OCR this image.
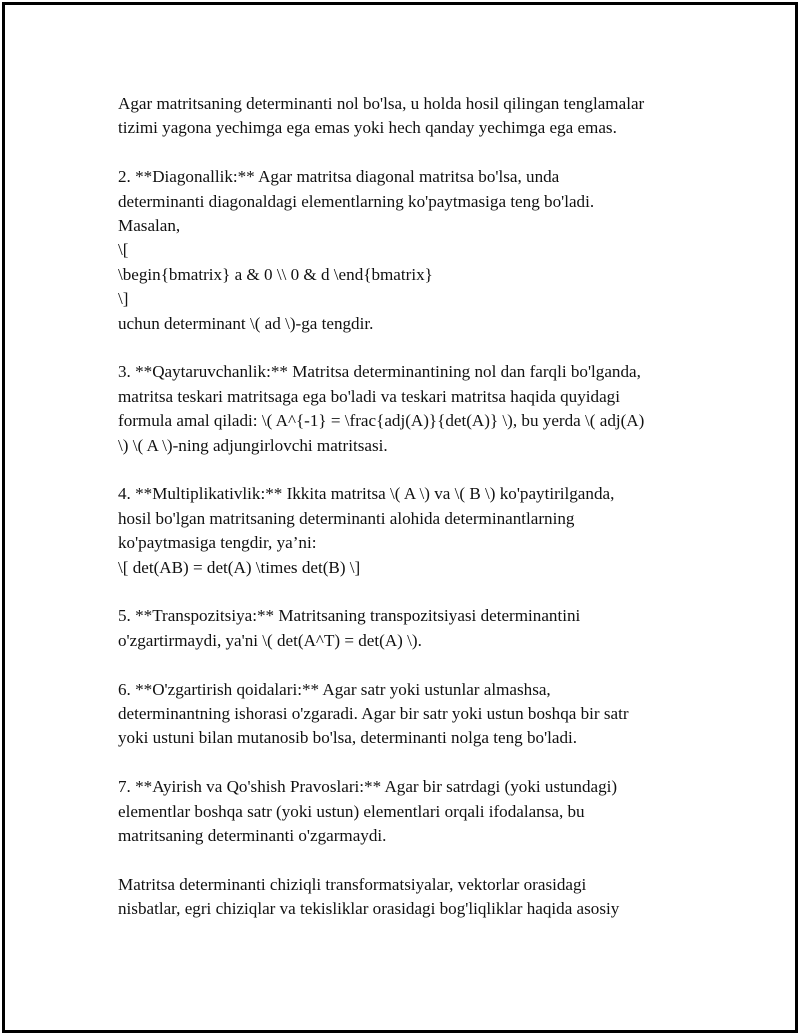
Agar matritsaning determinanti nol bo'lsa, u holda hosil qilingan tenglamalar
tizimi yagona yechimga ega emas yoki hech qanday yechimga ega emas.
2. **Diagonallik:** Agar matritsa diagonal matritsa bo'lsa, unda
determinanti diagonaldagi elementlarning ko'paytmasiga teng bo'ladi.
Masalan,
\[
\begin{bmatrix} a & 0 \\ 0 & d \end{bmatrix}
\]
uchun determinant \( ad \)-ga tengdir.
3. **Qaytaruvchanlik:** Matritsa determinantining nol dan farqli bo'lganda,
matritsa teskari matritsaga ega bo'ladi va teskari matritsa haqida quyidagi
formula amal qiladi: \( A^{-1} = \frac{adj(A)}{det(A)} \), bu yerda \( adj(A)
\) \( A \)-ning adjungirlovchi matritsasi.
4. **Multiplikativlik:** Ikkita matritsa \( A \) va \( B \) ko'paytirilganda,
hosil bo'lgan matritsaning determinanti alohida determinantlarning
ko'paytmasiga tengdir, ya’ni:
\[ det(AB) = det(A) \times det(B) \]
5. **Transpozitsiya:** Matritsaning transpozitsiyasi determinantini
o'zgartirmaydi, ya'ni \( det(A^T) = det(A) \).
6. **O'zgartirish qoidalari:** Agar satr yoki ustunlar almashsa,
determinantning ishorasi o'zgaradi. Agar bir satr yoki ustun boshqa bir satr
yoki ustuni bilan mutanosib bo'lsa, determinanti nolga teng bo'ladi.
7. **Ayirish va Qo'shish Pravoslari:** Agar bir satrdagi (yoki ustundagi)
elementlar boshqa satr (yoki ustun) elementlari orqali ifodalansa, bu
matritsaning determinanti o'zgarmaydi.
Matritsa determinanti chiziqli transformatsiyalar, vektorlar orasidagi
nisbatlar, egri chiziqlar va tekisliklar orasidagi bog'liqliklar haqida asosiy
